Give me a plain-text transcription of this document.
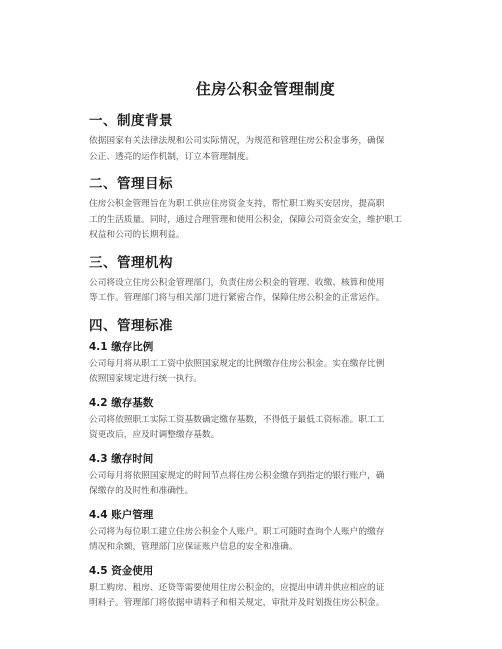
住房公积金管理制度
一、制度背景

依据国家有关法律法规和公司实际情况，为规范和管理住房公积金事务，确保
公正、透亮的运作机制，订立本管理制度。

二、管理目标

住房公积金管理旨在为职工供应住房资金支持，帮忙职工购买安居房，提高职
工的生活质量。同时，通过合理管理和使用公积金，保障公司资金安全，维护职工
权益和公司的长期利益。

三、管理机构

公司将设立住房公积金管理部门，负责住房公积金的管理、收缴、核算和使用
等工作。管理部门将与相关部门进行紧密合作，保障住房公积金的正常运作。

四、管理标准
4.1 缴存比例

公司每月将从职工工资中依照国家规定的比例缴存住房公积金。实在缴存比例
依照国家规定进行统一执行。

4.2 缴存基数

公司将依照职工实际工资基数确定缴存基数，不得低于最低工资标准。职工工
资更改后，应及时调整缴存基数。

4.3 缴存时间

公司每月将依照国家规定的时间节点将住房公积金缴存到指定的银行账户，确
保缴存的及时性和准确性。

4.4 账户管理

公司将为每位职工建立住房公积金个人账户。职工可随时查询个人账户的缴存
情况和余额，管理部门应保证账户信息的安全和准确。

4.5 资金使用

职工购房、租房、还贷等需要使用住房公积金的，应提出申请并供应相应的证
明料子。管理部门将依据申请料子和相关规定，审批并及时划拨住房公积金。
